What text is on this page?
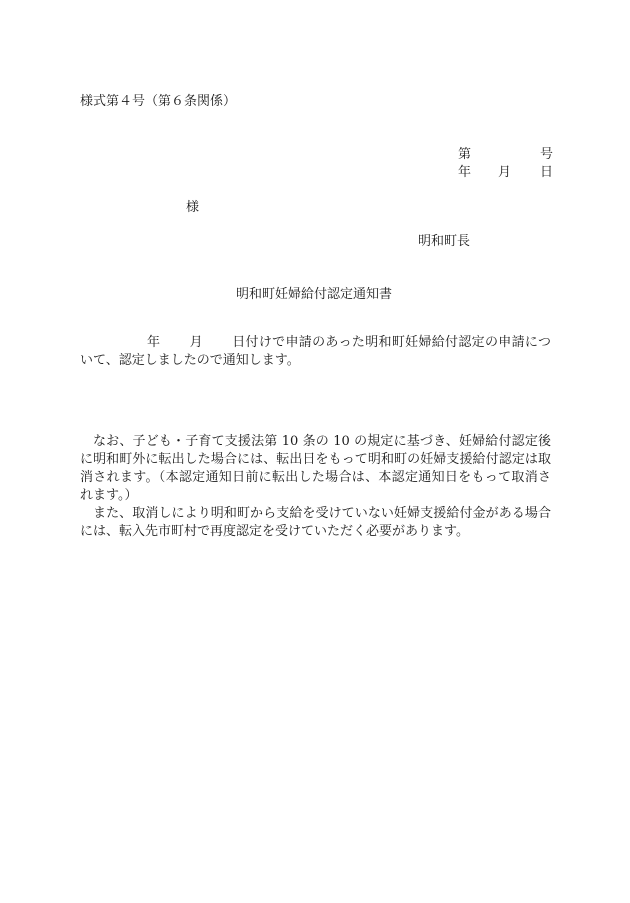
様式第４号（第６条関係）
第	号
年 月 日
様
明和町長
明和町妊婦給付認定通知書
年 月 日付けで申請のあった明和町妊婦給付認定の申請について、認定しましたので通知します。
なお、子ども・子育て支援法第 10 条の 10 の規定に基づき、妊婦給付認定後に明和町外に転出した場合には、転出日をもって明和町の妊婦支援給付認定は取消されます。（本認定通知日前に転出した場合は、本認定通知日をもって取消されます。）
また、取消しにより明和町から支給を受けていない妊婦支援給付金がある場合には、転入先市町村で再度認定を受けていただく必要があります。
